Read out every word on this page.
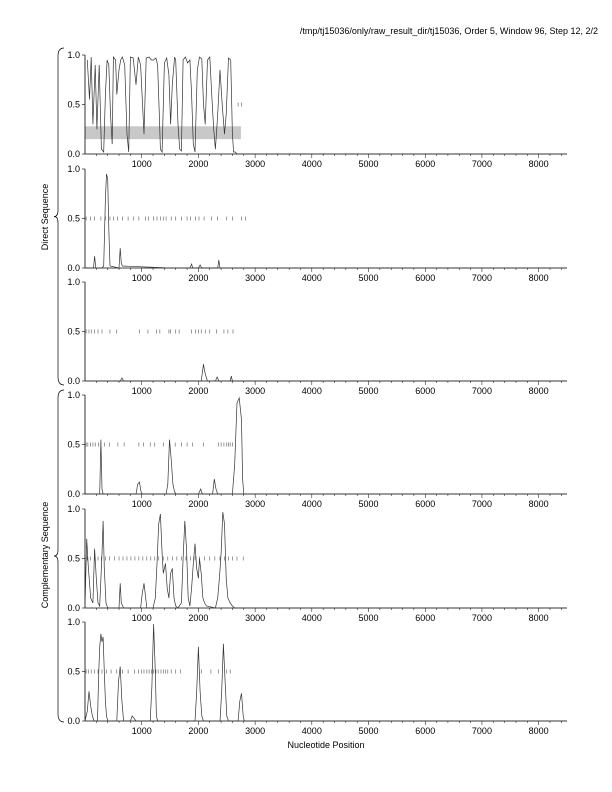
/tmp/tj15036/only/raw_result_dir/tj15036, Order 5, Window 96, Step 12, 2/2
0.0
0.5
1.0
1000	2000	3000	4000	5000	6000	7000	8000
0.0
0.5
1.0
1000	2000	3000	4000	5000	6000	7000	8000
0.0
0.5
1.0
1000	2000	3000	4000	5000	6000	7000	8000
0.0
0.5
1.0
1000	2000	3000	4000	5000	6000	7000	8000
0.0
0.5
1.0
1000	2000	3000	4000	5000	6000	7000	8000
0.0
0.5
1.0
1000	2000	3000	4000	5000	6000	7000	8000
Nucleotide Position
Direct Sequence
Complementary Sequence
